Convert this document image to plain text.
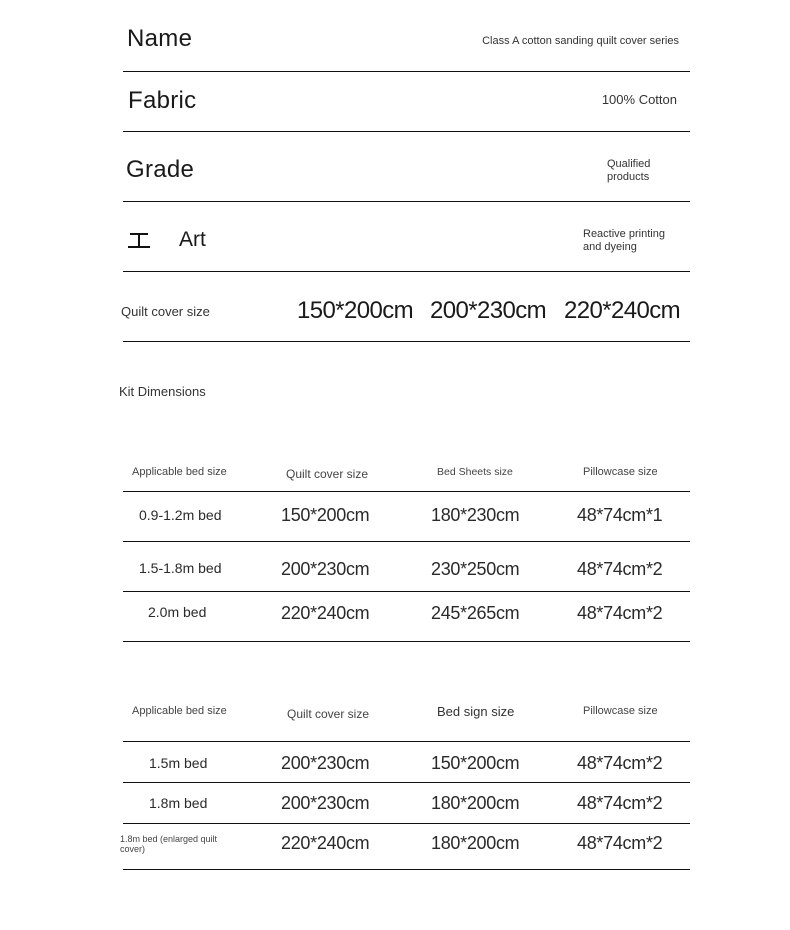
Name	Class A cotton sanding quilt cover series
Fabric	100% Cotton
Grade	Qualified
products
Art	Reactive printing
and dyeing
Quilt cover size	150*200cm 200*230cm 220*240cm
Kit Dimensions
Applicable bed size	Quilt cover size	Bed Sheets size	Pillowcase size
0.9-1.2m bed	150*200cm	180*230cm	48*74cm*1
1.5-1.8m bed	200*230cm	230*250cm	48*74cm*2
2.0m bed	220*240cm	245*265cm	48*74cm*2
Applicable bed size	Quilt cover size	Bed sign size	Pillowcase size
1.5m bed	200*230cm	150*200cm	48*74cm*2
1.8m bed	200*230cm	180*200cm	48*74cm*2
1.8m bed (enlarged quilt cover)	220*240cm	180*200cm	48*74cm*2
